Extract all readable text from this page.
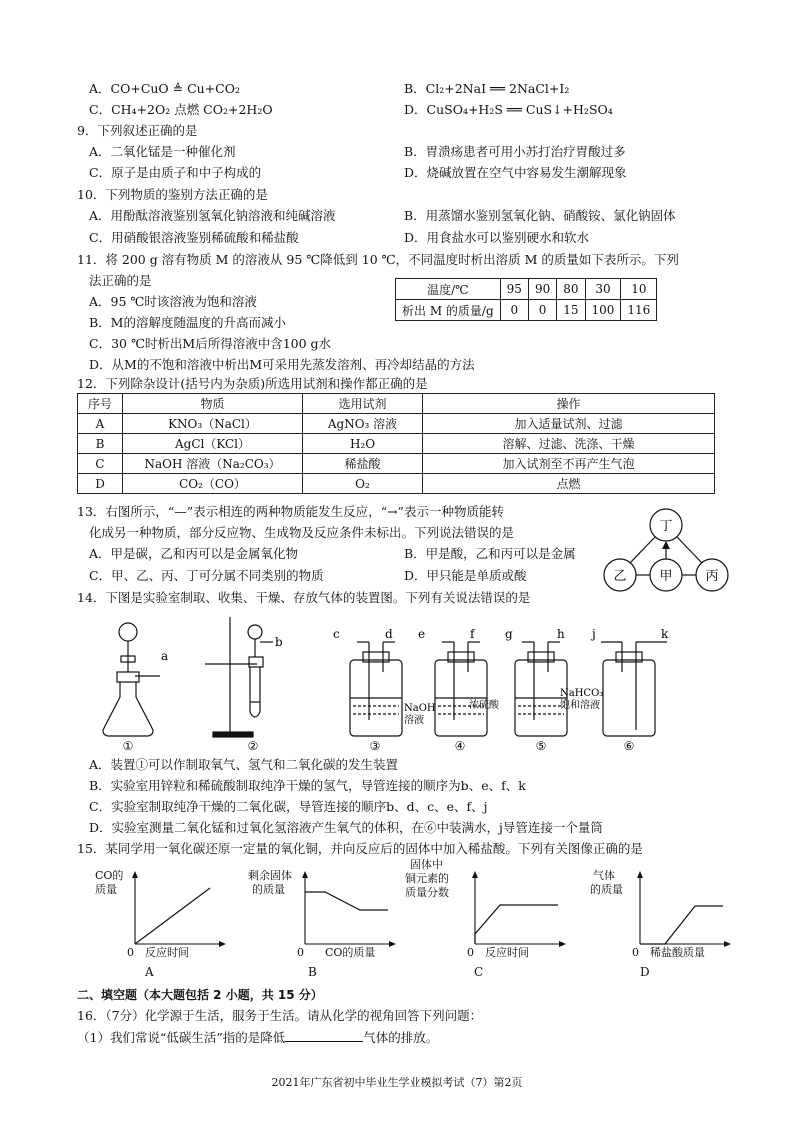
A．CO+CuO ≜ Cu+CO₂	B．Cl₂+2NaI ══ 2NaCl+I₂
C．CH₄+2O₂ 点燃 CO₂+2H₂O	D．CuSO₄+H₂S ══ CuS↓+H₂SO₄
9．下列叙述正确的是
A．二氧化锰是一种催化剂	B．胃溃疡患者可用小苏打治疗胃酸过多
C．原子是由质子和中子构成的	D．烧碱放置在空气中容易发生潮解现象
10．下列物质的鉴别方法正确的是
A．用酚酞溶液鉴别氢氧化钠溶液和纯碱溶液	B．用蒸馏水鉴别氢氧化钠、硝酸铵、氯化钠固体
C．用硝酸银溶液鉴别稀硫酸和稀盐酸	D．用食盐水可以鉴别硬水和软水
11．将 200 g 溶有物质 M 的溶液从 95 ℃降低到 10 ℃，不同温度时析出溶质 M 的质量如下表所示。下列
法正确的是
A．95 ℃时该溶液为饱和溶液
B．M的溶解度随温度的升高而减小
C．30 ℃时析出M后所得溶液中含100 g水
D．从M的不饱和溶液中析出M可采用先蒸发溶剂、再冷却结晶的方法
温度/℃	95	90	80	30	10
析出 M 的质量/g	0	0	15	100	116
12．下列除杂设计(括号内为杂质)所选用试剂和操作都正确的是
序号	物质	选用试剂	操作
A	KNO₃（NaCl）	AgNO₃ 溶液	加入适量试剂、过滤
B	AgCl（KCl）	H₂O	溶解、过滤、洗涤、干燥
C	NaOH 溶液（Na₂CO₃）	稀盐酸	加入试剂至不再产生气泡
D	CO₂（CO）	O₂	点燃
13．右图所示，“—”表示相连的两种物质能发生反应，“→”表示一种物质能转
化成另一种物质，部分反应物、生成物及反应条件未标出。下列说法错误的是
A．甲是碳，乙和丙可以是金属氧化物	B．甲是酸，乙和丙可以是金属
C．甲、乙、丙、丁可分属不同类别的物质	D．甲只能是单质或酸
丁
乙	甲	丙
14．下图是实验室制取、收集、干燥、存放气体的装置图。下列有关说法错误的是
a
①
b
②
c	d
NaOH
溶液
③
e	f
浓硫酸
④
g	h
NaHCO₃
饱和溶液
⑤
j	k
⑥
A．装置①可以作制取氧气、氢气和二氧化碳的发生装置
B．实验室用锌粒和稀硫酸制取纯净干燥的氢气，导管连接的顺序为b、e、f、k
C．实验室制取纯净干燥的二氧化碳，导管连接的顺序b、d、c、e、f、j
D．实验室测量二氧化锰和过氧化氢溶液产生氧气的体积，在⑥中装满水，j导管连接一个量筒
15．某同学用一氧化碳还原一定量的氧化铜，并向反应后的固体中加入稀盐酸。下列有关图像正确的是
CO的
质量
0 反应时间
A
剩余固体
的质量
0 CO的质量
B
固体中
铜元素的
质量分数
0 反应时间
C
气体
的质量
0 稀盐酸质量
D
二、填空题（本大题包括 2 小题，共 15 分）
16．（7分）化学源于生活，服务于生活。请从化学的视角回答下列问题：
（1）我们常说“低碳生活”指的是降低	气体的排放。
2021年广东省初中毕业生学业模拟考试（7）第2页
